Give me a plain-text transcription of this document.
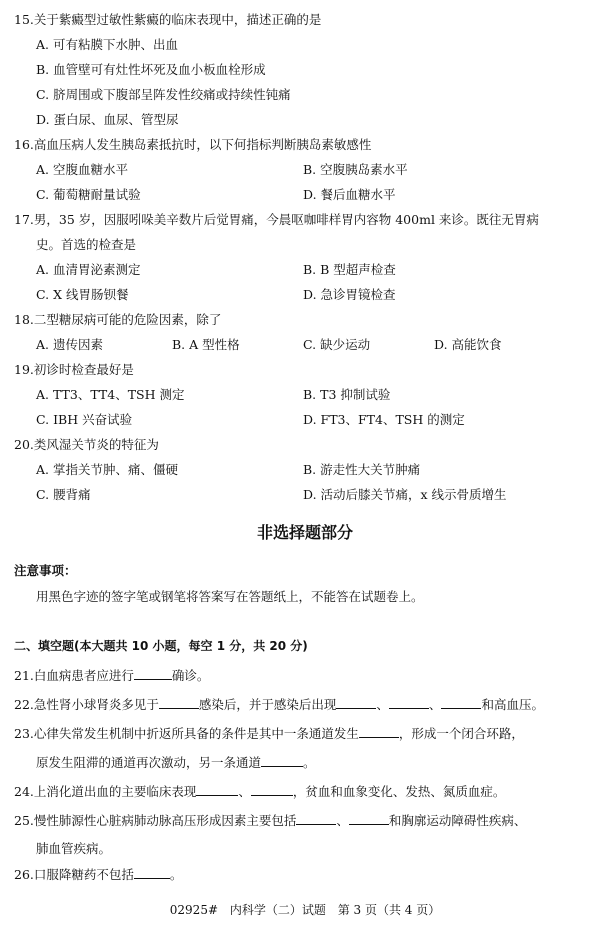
15.关于紫癜型过敏性紫癜的临床表现中，描述正确的是
A. 可有粘膜下水肿、出血
B. 血管壁可有灶性坏死及血小板血栓形成
C. 脐周围或下腹部呈阵发性绞痛或持续性钝痛
D. 蛋白尿、血尿、管型尿
16.高血压病人发生胰岛素抵抗时，以下何指标判断胰岛素敏感性
A. 空腹血糖水平	B. 空腹胰岛素水平
C. 葡萄糖耐量试验	D. 餐后血糖水平
17.男，35 岁，因服吲哚美辛数片后觉胃痛，今晨呕咖啡样胃内容物 400ml 来诊。既往无胃病
史。首选的检查是
A. 血清胃泌素测定	B. B 型超声检查
C. X 线胃肠钡餐	D. 急诊胃镜检查
18.二型糖尿病可能的危险因素，除了
A. 遗传因素	B. A 型性格	C. 缺少运动	D. 高能饮食
19.初诊时检查最好是
A. TT3、TT4、TSH 测定	B. T3 抑制试验
C. IBH 兴奋试验	D. FT3、FT4、TSH 的测定
20.类风湿关节炎的特征为
A. 掌指关节肿、痛、僵硬	B. 游走性大关节肿痛
C. 腰背痛	D. 活动后膝关节痛，x 线示骨质增生
非选择题部分
注意事项：
用黑色字迹的签字笔或钢笔将答案写在答题纸上，不能答在试题卷上。
二、填空题(本大题共 10 小题，每空 1 分，共 20 分)
21.白血病患者应进行	确诊。
22.急性肾小球肾炎多见于	感染后，并于感染后出现	、	、	和高血压。
23.心律失常发生机制中折返所具备的条件是其中一条通道发生	，形成一个闭合环路，
原发生阻滞的通道再次激动，另一条通道	。
24.上消化道出血的主要临床表现	、	，贫血和血象变化、发热、氮质血症。
25.慢性肺源性心脏病肺动脉高压形成因素主要包括	、	和胸廓运动障碍性疾病、
肺血管疾病。
26.口服降糖药不包括	。
02925# 内科学（二）试题 第 3 页（共 4 页）
